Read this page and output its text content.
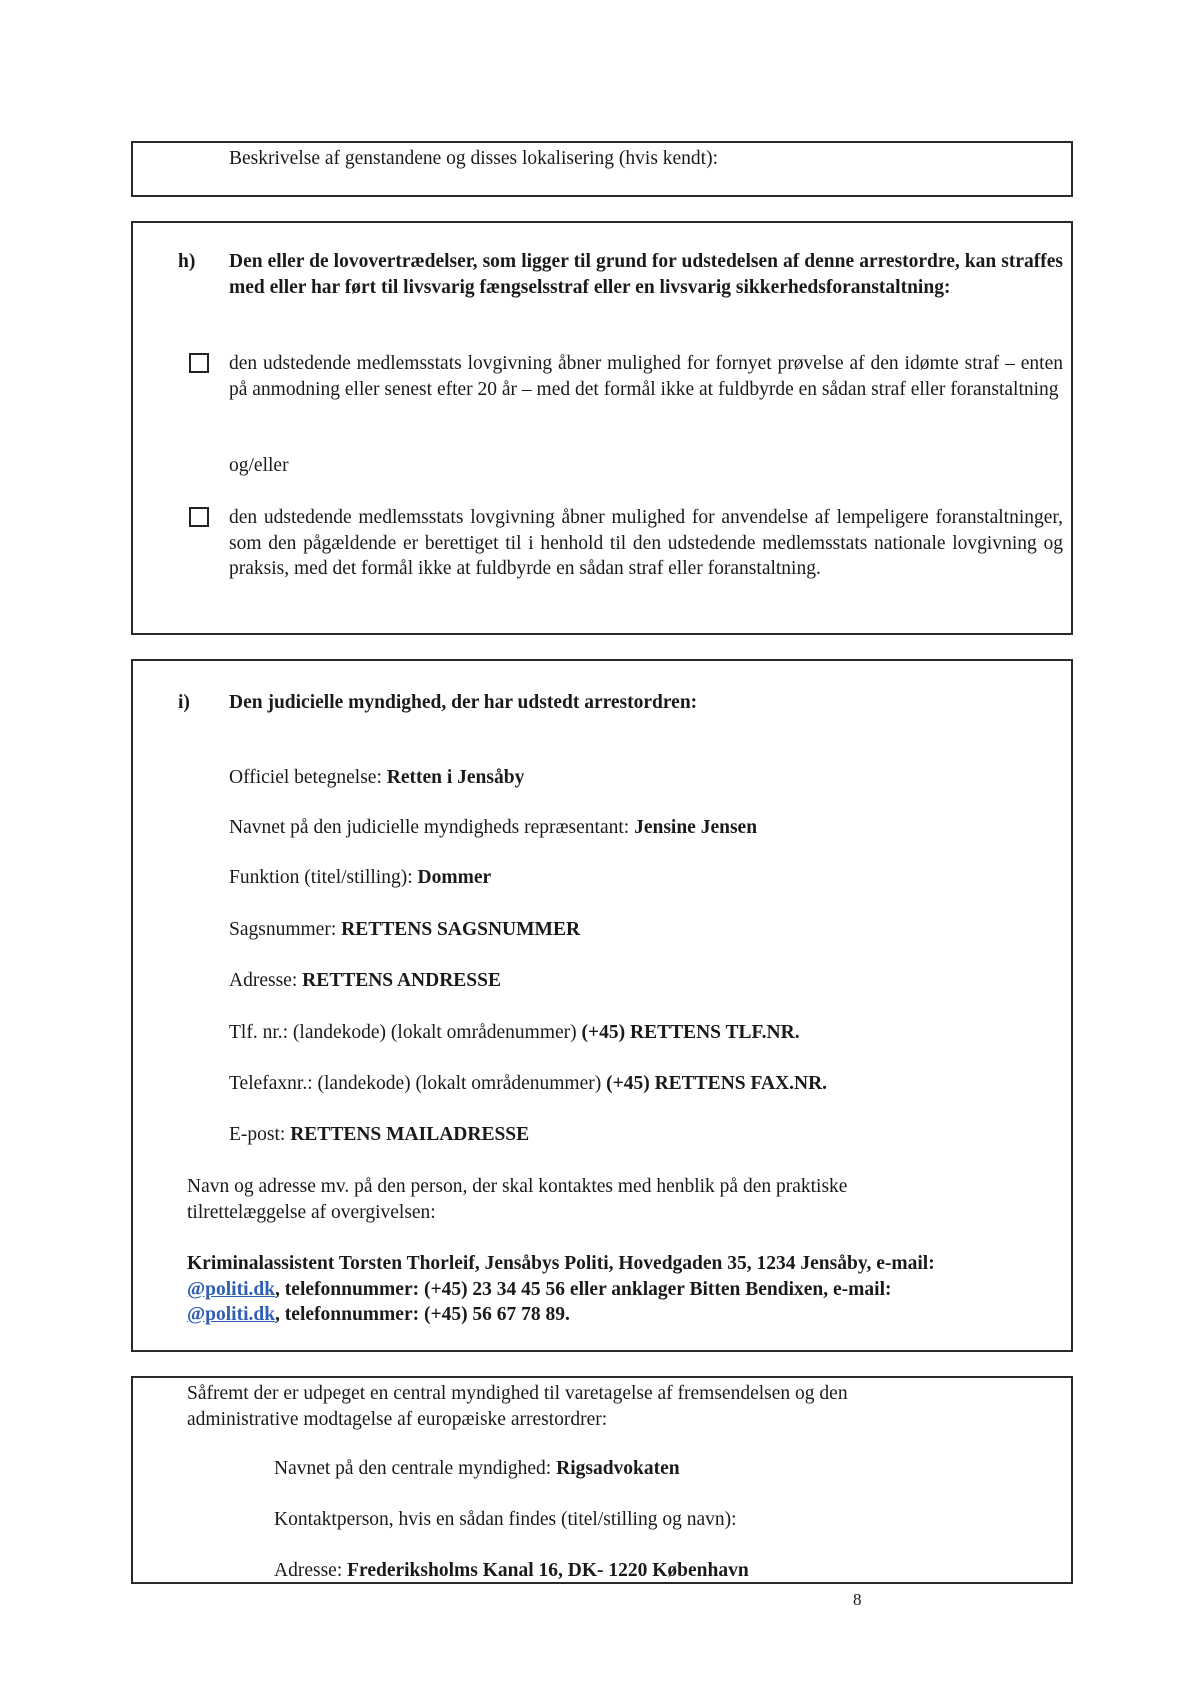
Beskrivelse af genstandene og disses lokalisering (hvis kendt):
h) Den eller de lovovertrædelser, som ligger til grund for udstedelsen af denne arrestordre, kan straffes med eller har ført til livsvarig fængselsstraf eller en livsvarig sikkerhedsforanstaltning:
den udstedende medlemsstats lovgivning åbner mulighed for fornyet prøvelse af den idømte straf – enten på anmodning eller senest efter 20 år – med det formål ikke at fuldbyrde en sådan straf eller foranstaltning
og/eller
den udstedende medlemsstats lovgivning åbner mulighed for anvendelse af lempeligere foranstaltninger, som den pågældende er berettiget til i henhold til den udstedende medlemsstats nationale lovgivning og praksis, med det formål ikke at fuldbyrde en sådan straf eller foranstaltning.
i) Den judicielle myndighed, der har udstedt arrestordren:
Officiel betegnelse: Retten i Jensåby
Navnet på den judicielle myndigheds repræsentant: Jensine Jensen
Funktion (titel/stilling): Dommer
Sagsnummer: RETTENS SAGSNUMMER
Adresse: RETTENS ANDRESSE
Tlf. nr.: (landekode) (lokalt områdenummer) (+45) RETTENS TLF.NR.
Telefaxnr.: (landekode) (lokalt områdenummer) (+45) RETTENS FAX.NR.
E-post: RETTENS MAILADRESSE
Navn og adresse mv. på den person, der skal kontaktes med henblik på den praktiske tilrettelæggelse af overgivelsen:
Kriminalassistent Torsten Thorleif, Jensåbys Politi, Hovedgaden 35, 1234 Jensåby, e-mail:
@politi.dk, telefonnummer: (+45) 23 34 45 56 eller anklager Bitten Bendixen, e-mail:
@politi.dk, telefonnummer: (+45) 56 67 78 89.
Såfremt der er udpeget en central myndighed til varetagelse af fremsendelsen og den administrative modtagelse af europæiske arrestordrer:
Navnet på den centrale myndighed: Rigsadvokaten
Kontaktperson, hvis en sådan findes (titel/stilling og navn):
Adresse: Frederiksholms Kanal 16, DK- 1220 København
8
